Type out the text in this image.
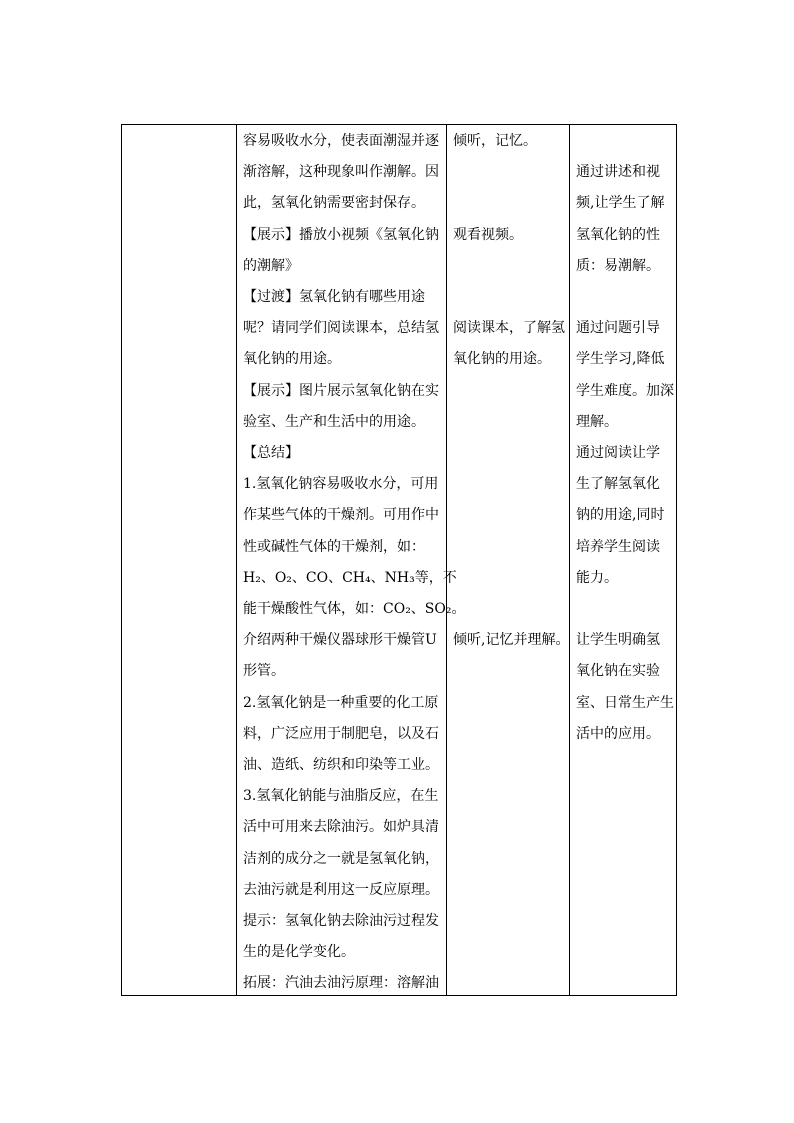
容易吸收水分，使表面潮湿并逐
渐溶解，这种现象叫作潮解。因
此，氢氧化钠需要密封保存。
【展示】播放小视频《氢氧化钠
的潮解》
【过渡】氢氧化钠有哪些用途
呢？请同学们阅读课本，总结氢
氧化钠的用途。
【展示】图片展示氢氧化钠在实
验室、生产和生活中的用途。
【总结】
1.氢氧化钠容易吸收水分，可用
作某些气体的干燥剂。可用作中
性或碱性气体的干燥剂，如：
H₂、O₂、CO、CH₄、NH₃等，不
能干燥酸性气体，如：CO₂、SO₂。
介绍两种干燥仪器球形干燥管U
形管。
2.氢氧化钠是一种重要的化工原
料，广泛应用于制肥皂，以及石
油、造纸、纺织和印染等工业。
3.氢氧化钠能与油脂反应，在生
活中可用来去除油污。如炉具清
洁剂的成分之一就是氢氧化钠，
去油污就是利用这一反应原理。
提示：氢氧化钠去除油污过程发
生的是化学变化。
拓展：汽油去油污原理：溶解油
倾听，记忆。
观看视频。
阅读课本，了解氢
氧化钠的用途。
倾听,记忆并理解。
通过讲述和视
频,让学生了解
氢氧化钠的性
质：易潮解。
通过问题引导
学生学习,降低
学生难度。加深
理解。
通过阅读让学
生了解氢氧化
钠的用途,同时
培养学生阅读
能力。
让学生明确氢
氧化钠在实验
室、日常生产生
活中的应用。
